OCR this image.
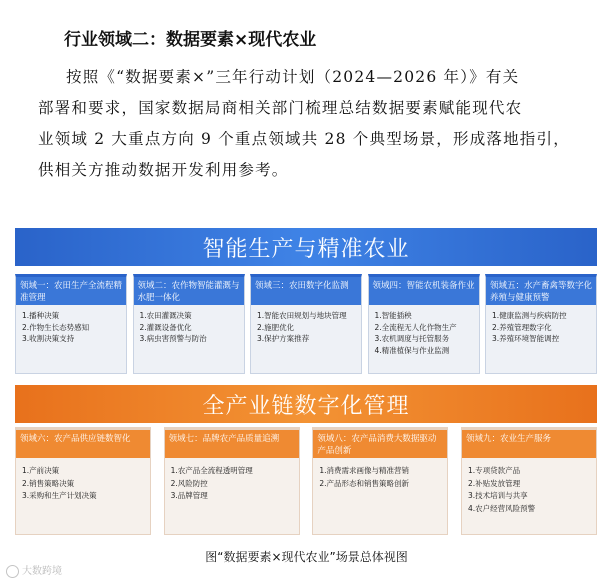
行业领域二：数据要素×现代农业
按照《“数据要素×”三年行动计划（2024—2026 年）》有关
部署和要求，国家数据局商相关部门梳理总结数据要素赋能现代农
业领域 2 大重点方向 9 个重点领域共 28 个典型场景，形成落地指引，
供相关方推动数据开发利用参考。
智能生产与精准农业
领域一：农田生产全流程精准管理
1.播种决策
2.作物生长态势感知
3.收割决策支持
领域二：农作物智能灌溉与水肥一体化
1.农田灌溉决策
2.灌溉设备优化
3.病虫害预警与防治
领域三：农田数字化监测
1.智能农田规划与地块管理
2.施肥优化
3.保护方案推荐
领域四：智能农机装备作业
1.智能插秧
2.全流程无人化作物生产
3.农机调度与托管服务
4.精准植保与作业监测
领域五：水产畜禽等数字化养殖与健康预警
1.健康监测与疾病防控
2.养殖管理数字化
3.养殖环境智能调控
全产业链数字化管理
领域六：农产品供应链数智化
1.产前决策
2.销售策略决策
3.采购和生产计划决策
领域七：品牌农产品质量追溯
1.农产品全流程透明管理
2.风险防控
3.品牌管理
领域八：农产品消费大数据驱动产品创新
1.消费需求画像与精准营销
2.产品形态和销售策略创新
领域九：农业生产服务
1.专项贷款产品
2.补贴发放管理
3.技术培训与共享
4.农户经营风险预警
图“数据要素×现代农业”场景总体视图
大数跨境
